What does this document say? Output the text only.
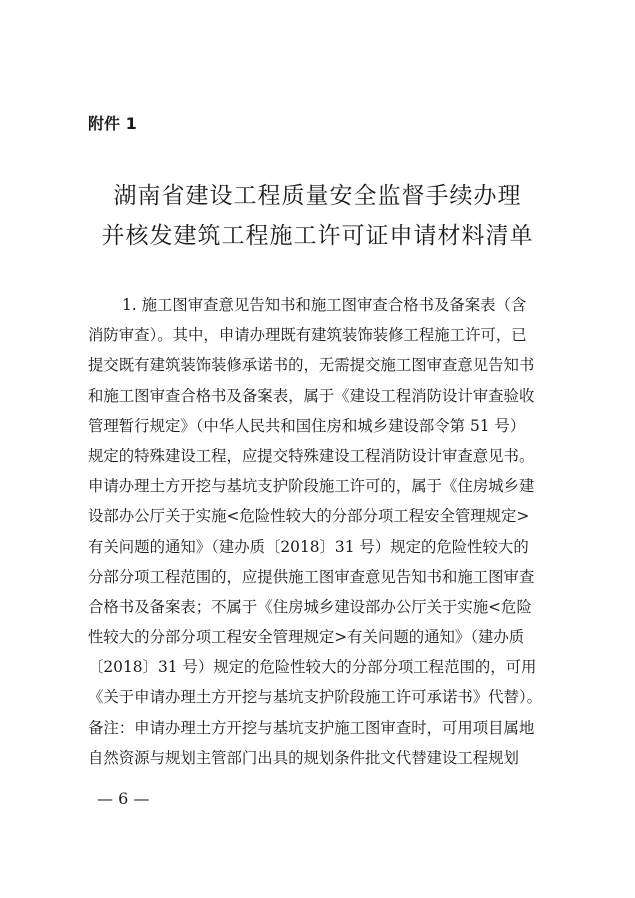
附件 1

湖南省建设工程质量安全监督手续办理
并核发建筑工程施工许可证申请材料清单
1. 施工图审查意见告知书和施工图审查合格书及备案表（含
消防审查）。其中，申请办理既有建筑装饰装修工程施工许可，已
提交既有建筑装饰装修承诺书的，无需提交施工图审查意见告知书
和施工图审查合格书及备案表，属于《建设工程消防设计审查验收
管理暂行规定》（中华人民共和国住房和城乡建设部令第 51 号）
规定的特殊建设工程，应提交特殊建设工程消防设计审查意见书。
申请办理土方开挖与基坑支护阶段施工许可的，属于《住房城乡建
设部办公厅关于实施<危险性较大的分部分项工程安全管理规定>
有关问题的通知》（建办质〔2018〕31 号）规定的危险性较大的
分部分项工程范围的，应提供施工图审查意见告知书和施工图审查
合格书及备案表；不属于《住房城乡建设部办公厅关于实施<危险
性较大的分部分项工程安全管理规定>有关问题的通知》（建办质
〔2018〕31 号）规定的危险性较大的分部分项工程范围的，可用
《关于申请办理土方开挖与基坑支护阶段施工许可承诺书》代替）。
备注：申请办理土方开挖与基坑支护施工图审查时，可用项目属地
自然资源与规划主管部门出具的规划条件批文代替建设工程规划

— 6 —
